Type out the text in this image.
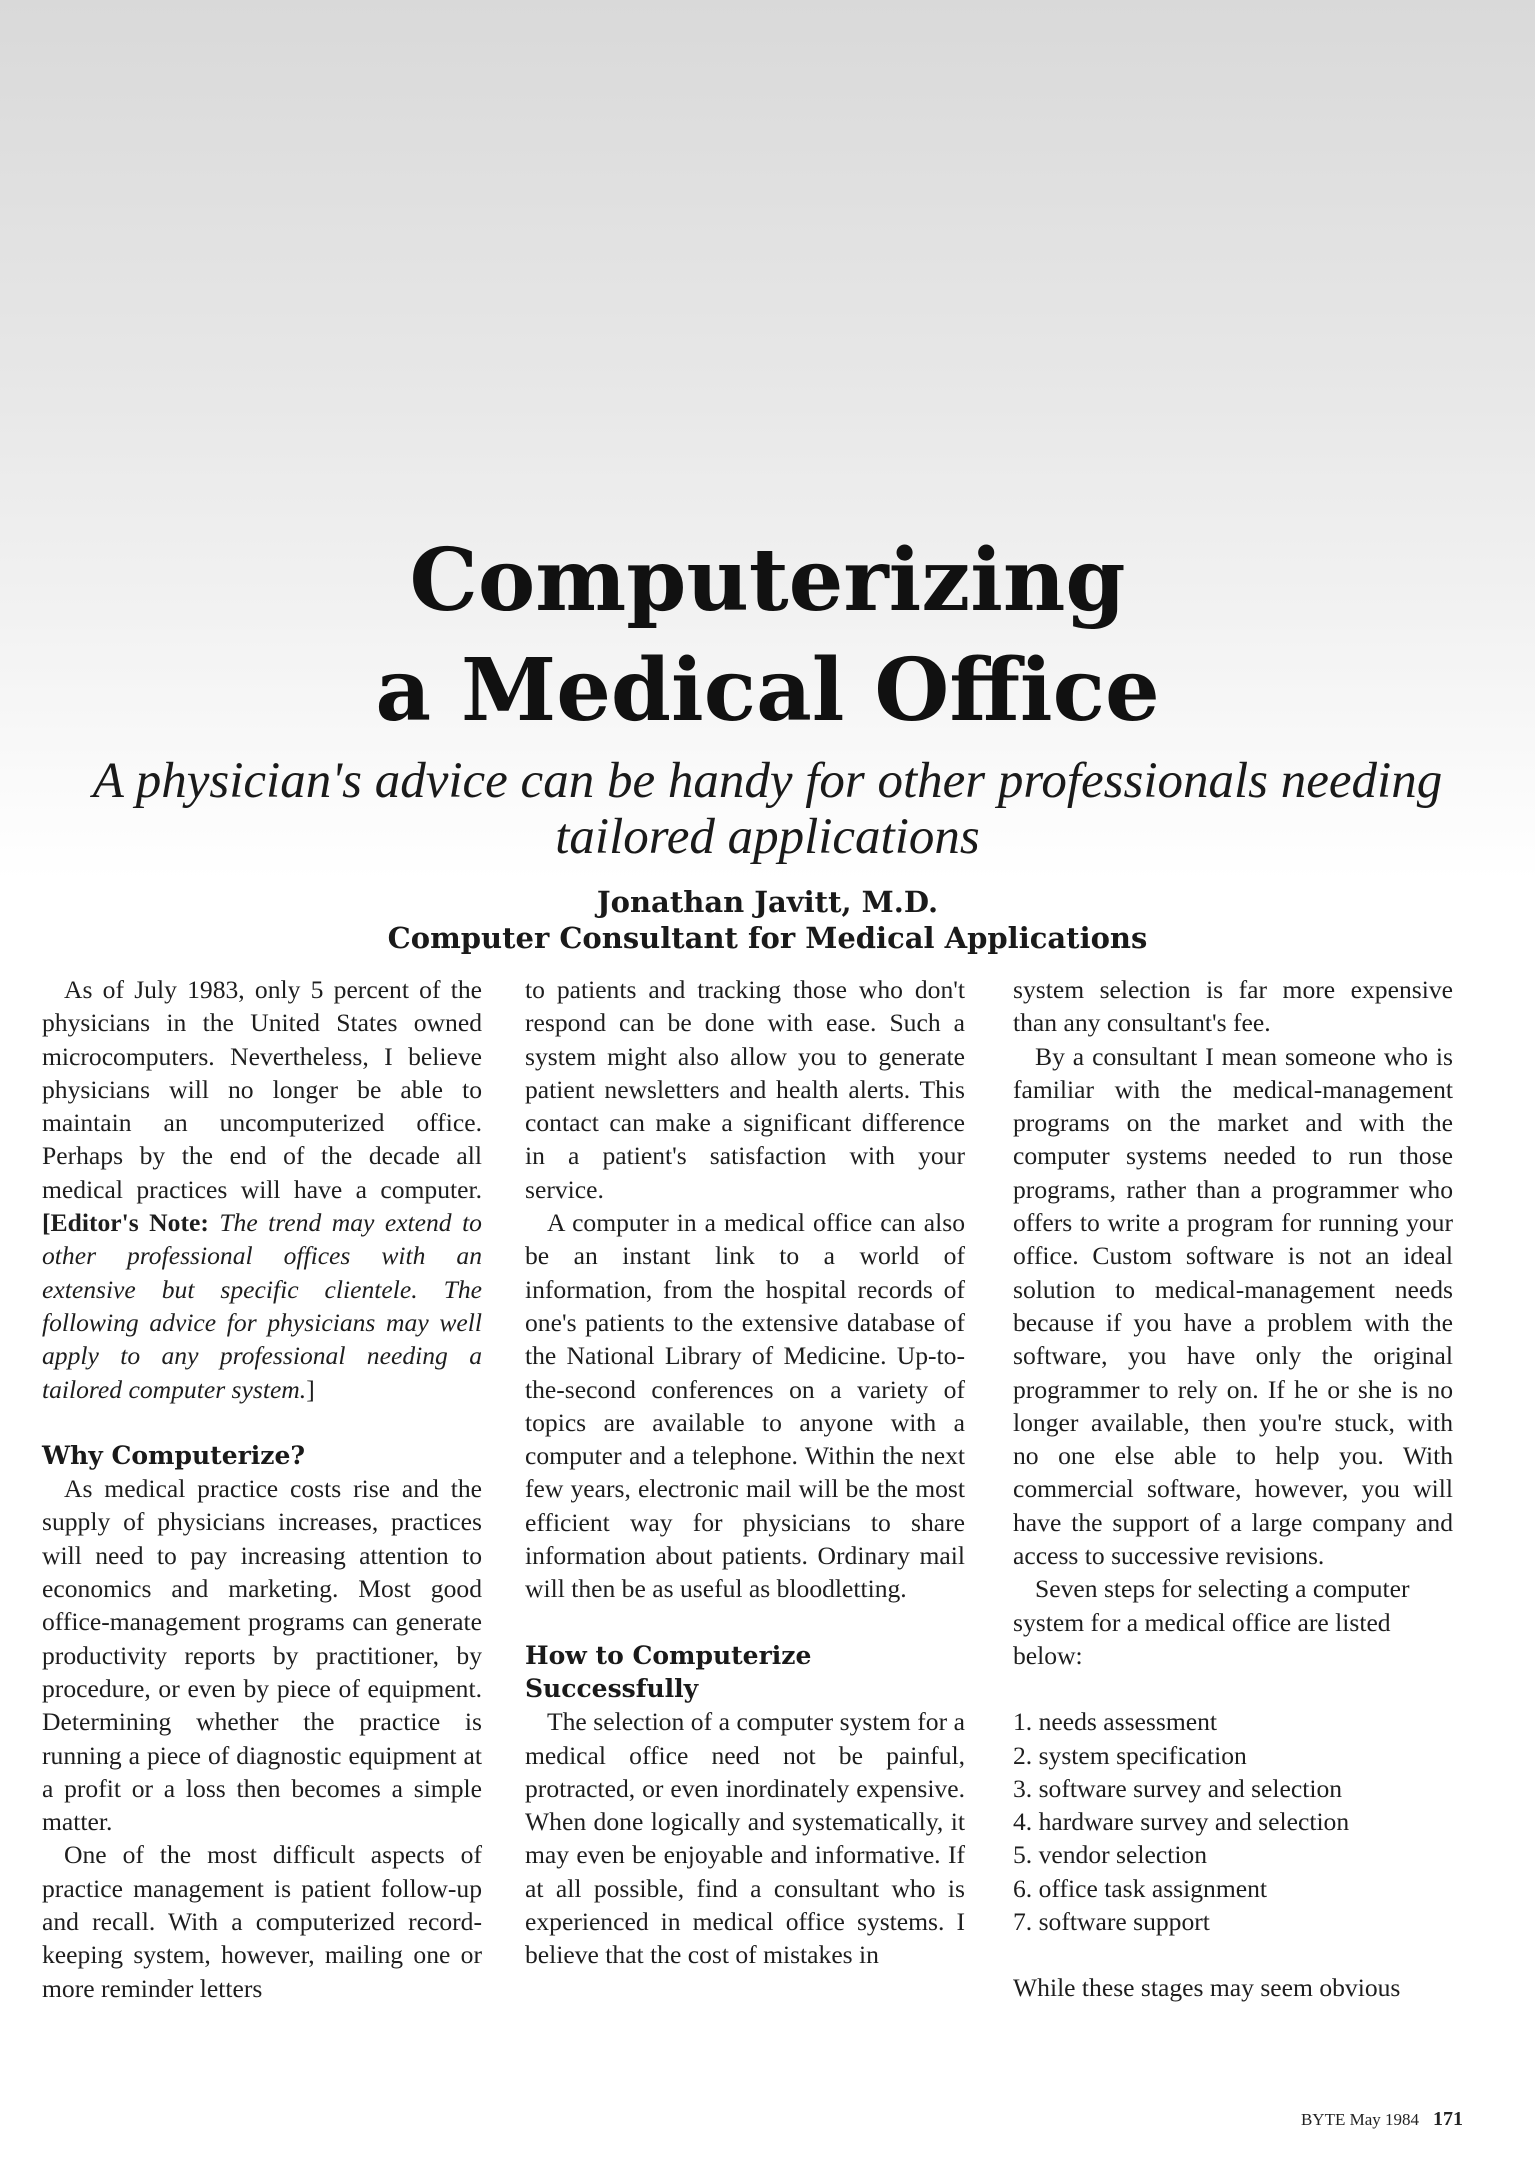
Computerizing
a Medical Office

A physician's advice can be handy for other professionals needing tailored applications

Jonathan Javitt, M.D.

Computer Consultant for Medical Applications

As of July 1983, only 5 percent of the physicians in the United States owned microcomputers. Nevertheless, I believe physicians will no longer be able to maintain an uncomputerized office. Perhaps by the end of the decade all medical practices will have a computer. [Editor's Note: The trend may extend to other professional offices with an extensive but specific clientele. The following advice for physicians may well apply to any professional needing a tailored computer system.]

Why Computerize?

As medical practice costs rise and the supply of physicians increases, practices will need to pay increasing attention to economics and marketing. Most good office-management programs can generate productivity reports by practitioner, by procedure, or even by piece of equipment. Determining whether the practice is running a piece of diagnostic equipment at a profit or a loss then becomes a simple matter.

One of the most difficult aspects of practice management is patient follow-up and recall. With a computerized record-keeping system, however, mailing one or more reminder letters

to patients and tracking those who don't respond can be done with ease. Such a system might also allow you to generate patient newsletters and health alerts. This contact can make a significant difference in a patient's satisfaction with your service.

A computer in a medical office can also be an instant link to a world of information, from the hospital records of one's patients to the extensive database of the National Library of Medicine. Up-to-the-second conferences on a variety of topics are available to anyone with a computer and a telephone. Within the next few years, electronic mail will be the most efficient way for physicians to share information about patients. Ordinary mail will then be as useful as bloodletting.

How to Computerize
Successfully

The selection of a computer system for a medical office need not be painful, protracted, or even inordinately expensive. When done logically and systematically, it may even be enjoyable and informative. If at all possible, find a consultant who is experienced in medical office systems. I believe that the cost of mistakes in

system selection is far more expensive than any consultant's fee.

By a consultant I mean someone who is familiar with the medical-management programs on the market and with the computer systems needed to run those programs, rather than a programmer who offers to write a program for running your office. Custom software is not an ideal solution to medical-management needs because if you have a problem with the software, you have only the original programmer to rely on. If he or she is no longer available, then you're stuck, with no one else able to help you. With commercial software, however, you will have the support of a large company and access to successive revisions.

Seven steps for selecting a computer system for a medical office are listed below:

1. needs assessment
2. system specification
3. software survey and selection
4. hardware survey and selection
5. vendor selection
6. office task assignment
7. software support

While these stages may seem obvious

BYTE May 1984 171
